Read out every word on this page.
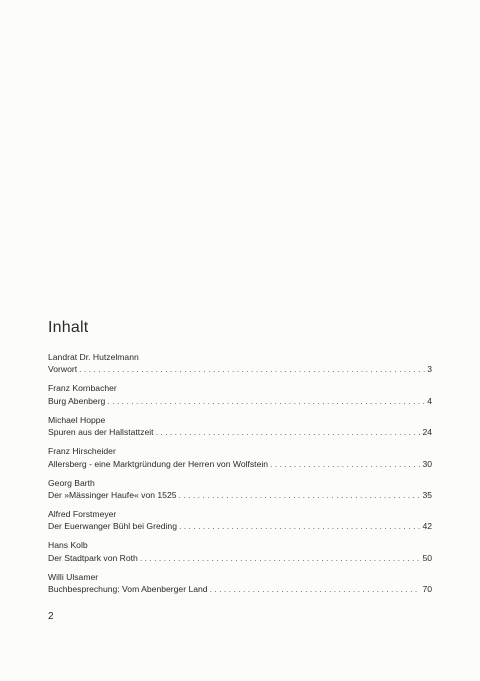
Inhalt
Landrat Dr. Hutzelmann
Vorwort . . .	3
Franz Kornbacher
Burg Abenberg . . .	4
Michael Hoppe
Spuren aus der Hallstattzeit . . .	24
Franz Hirscheider
Allersberg - eine Marktgründung der Herren von Wolfstein . . .	30
Georg Barth
Der »Mässinger Haufe« von 1525 . . .	35
Alfred Forstmeyer
Der Euerwanger Bühl bei Greding . . .	42
Hans Kolb
Der Stadtpark von Roth . . .	50
Willi Ulsamer
Buchbesprechung: Vom Abenberger Land . . .	70
2
